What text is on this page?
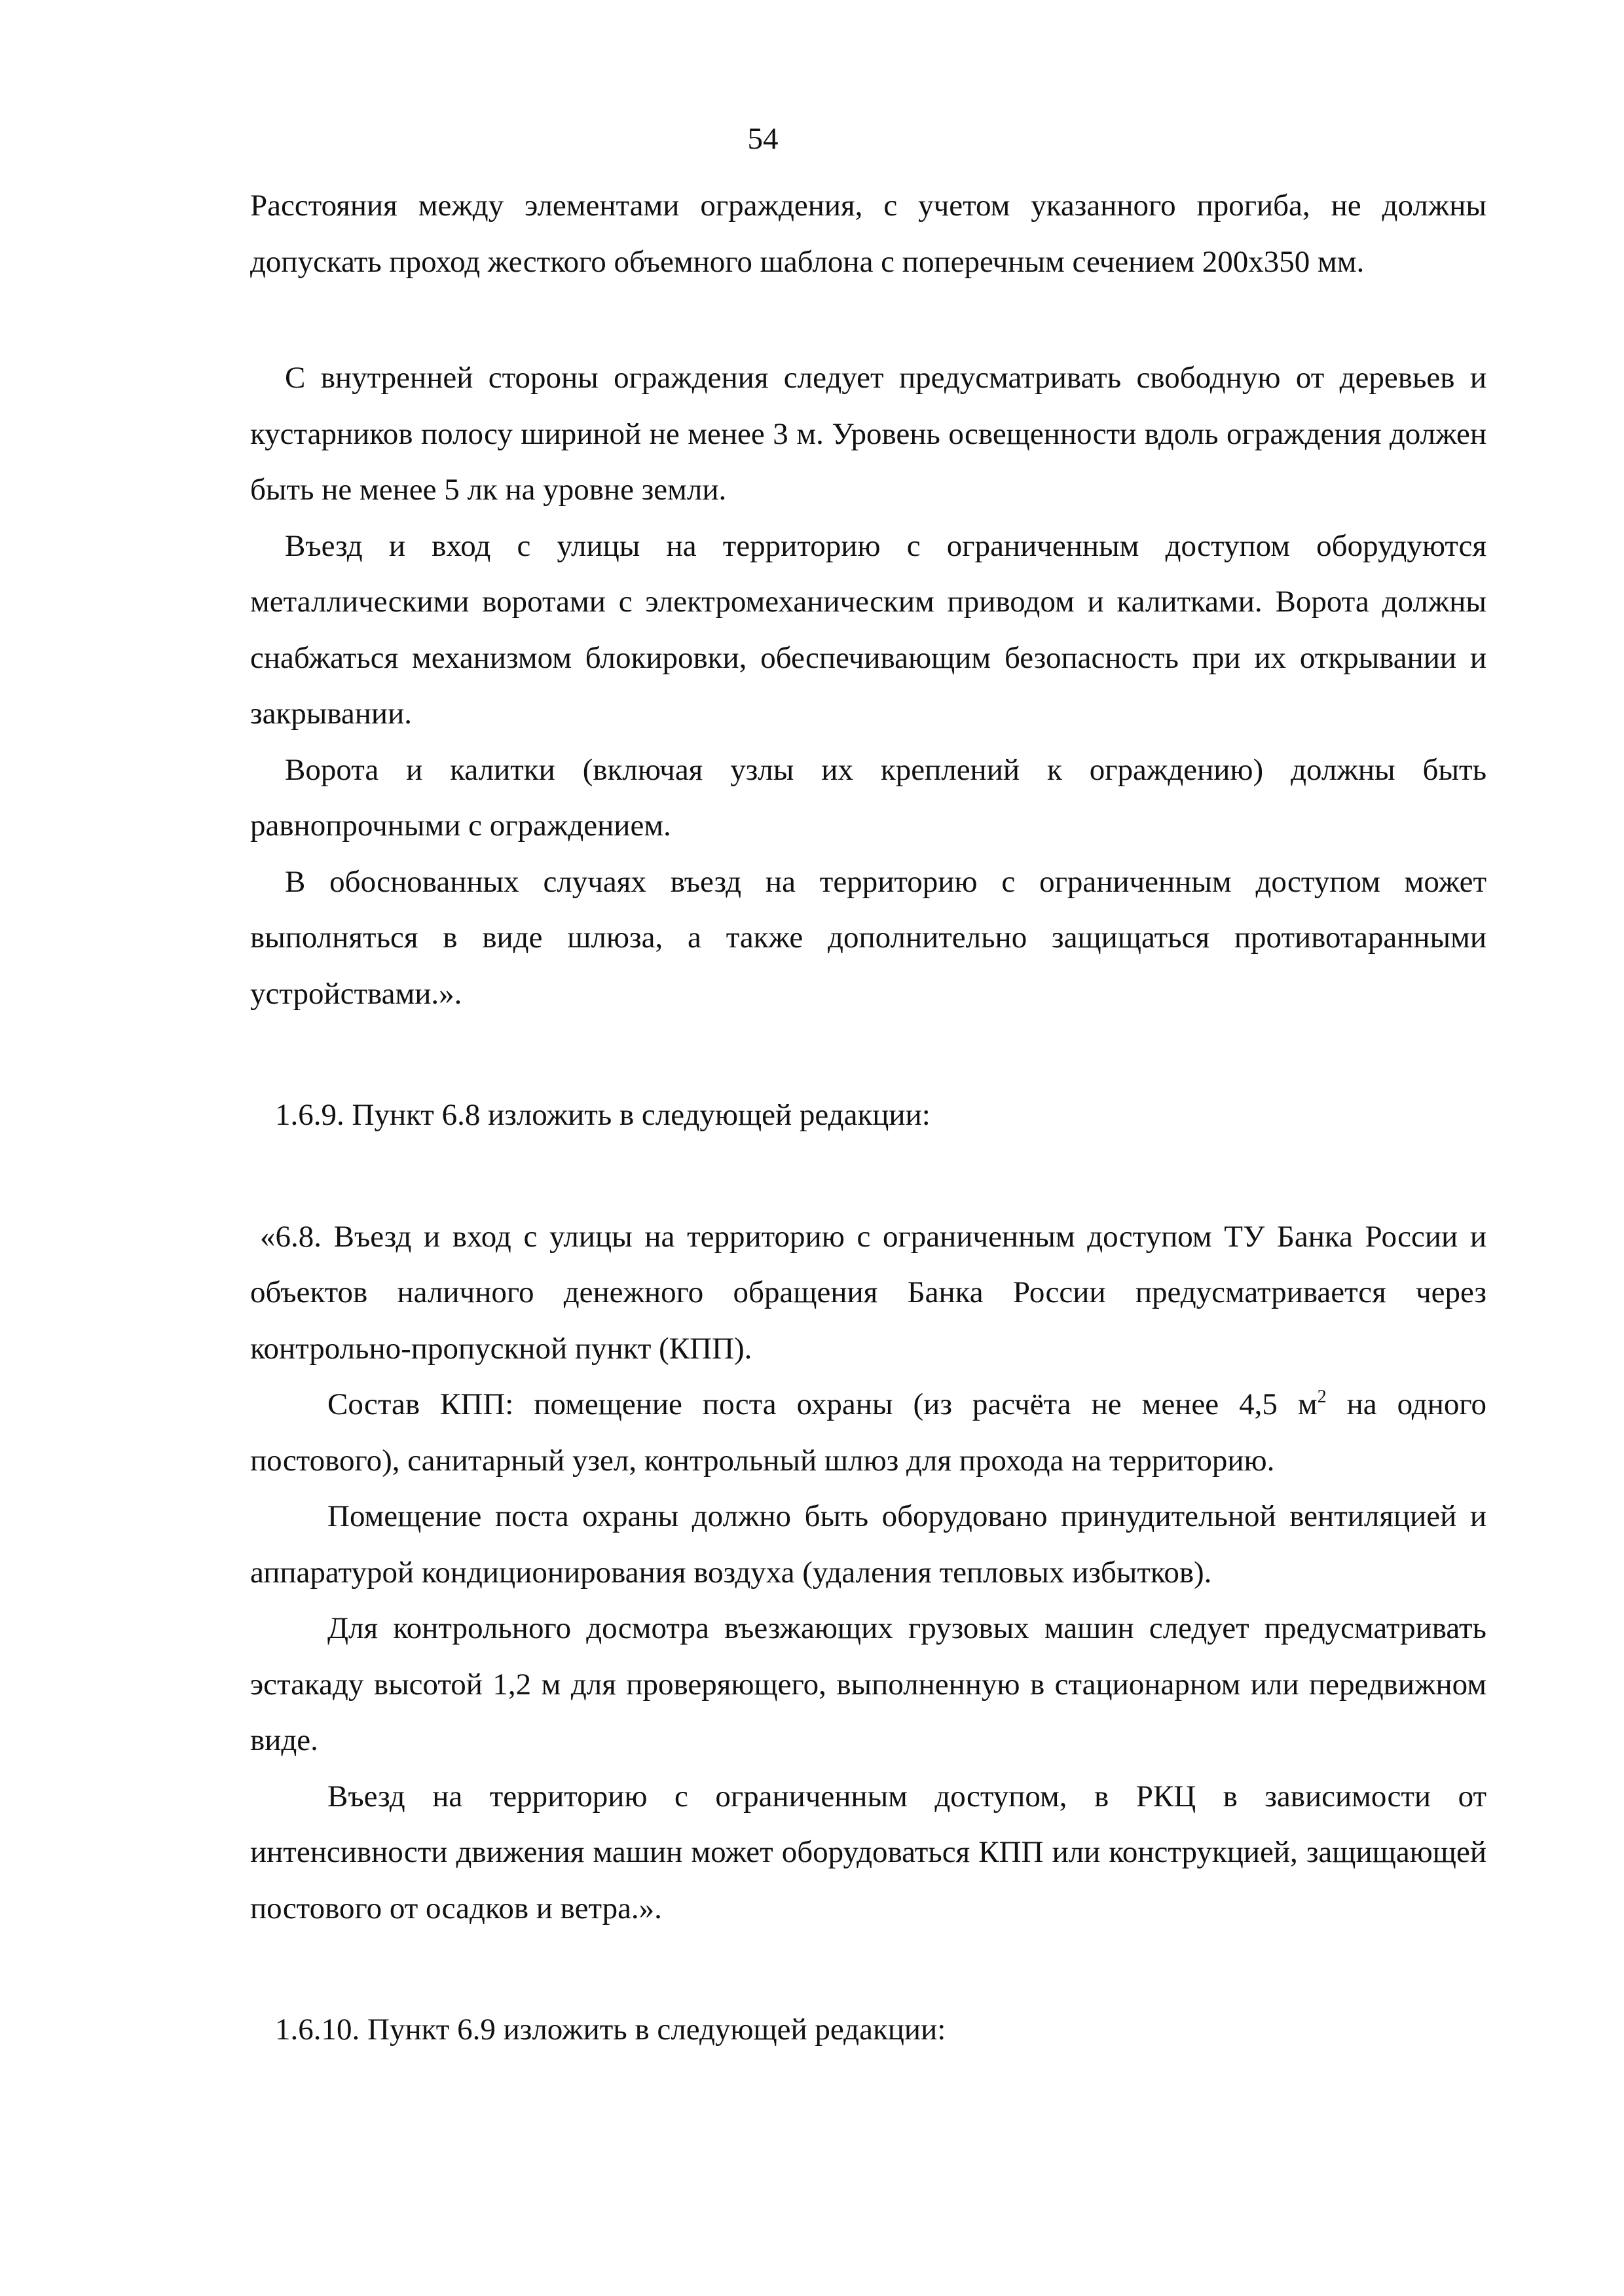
54

Расстояния между элементами ограждения, с учетом указанного прогиба, не должны допускать проход жесткого объемного шаблона с поперечным сечением 200х350 мм.

С внутренней стороны ограждения следует предусматривать свободную от деревьев и кустарников полосу шириной не менее 3 м. Уровень освещенности вдоль ограждения должен быть не менее 5 лк на уровне земли.

Въезд и вход с улицы на территорию с ограниченным доступом оборудуются металлическими воротами с электромеханическим приводом и калитками. Ворота должны снабжаться механизмом блокировки, обеспечивающим безопасность при их открывании и закрывании.

Ворота и калитки (включая узлы их креплений к ограждению) должны быть равнопрочными с ограждением.

В обоснованных случаях въезд на территорию с ограниченным доступом может выполняться в виде шлюза, а также дополнительно защищаться противотаранными устройствами.».

1.6.9. Пункт 6.8 изложить в следующей редакции:

«6.8. Въезд и вход с улицы на территорию с ограниченным доступом ТУ Банка России и объектов наличного денежного обращения Банка России предусматривается через контрольно-пропускной пункт (КПП).

Состав КПП: помещение поста охраны (из расчёта не менее 4,5 $м^2$ на одного постового), санитарный узел, контрольный шлюз для прохода на территорию.

Помещение поста охраны должно быть оборудовано принудительной вентиляцией и аппаратурой кондиционирования воздуха (удаления тепловых избытков).

Для контрольного досмотра въезжающих грузовых машин следует предусматривать эстакаду высотой 1,2 м для проверяющего, выполненную в стационарном или передвижном виде.

Въезд на территорию с ограниченным доступом, в РКЦ в зависимости от интенсивности движения машин может оборудоваться КПП или конструкцией, защищающей постового от осадков и ветра.».

1.6.10. Пункт 6.9 изложить в следующей редакции:
